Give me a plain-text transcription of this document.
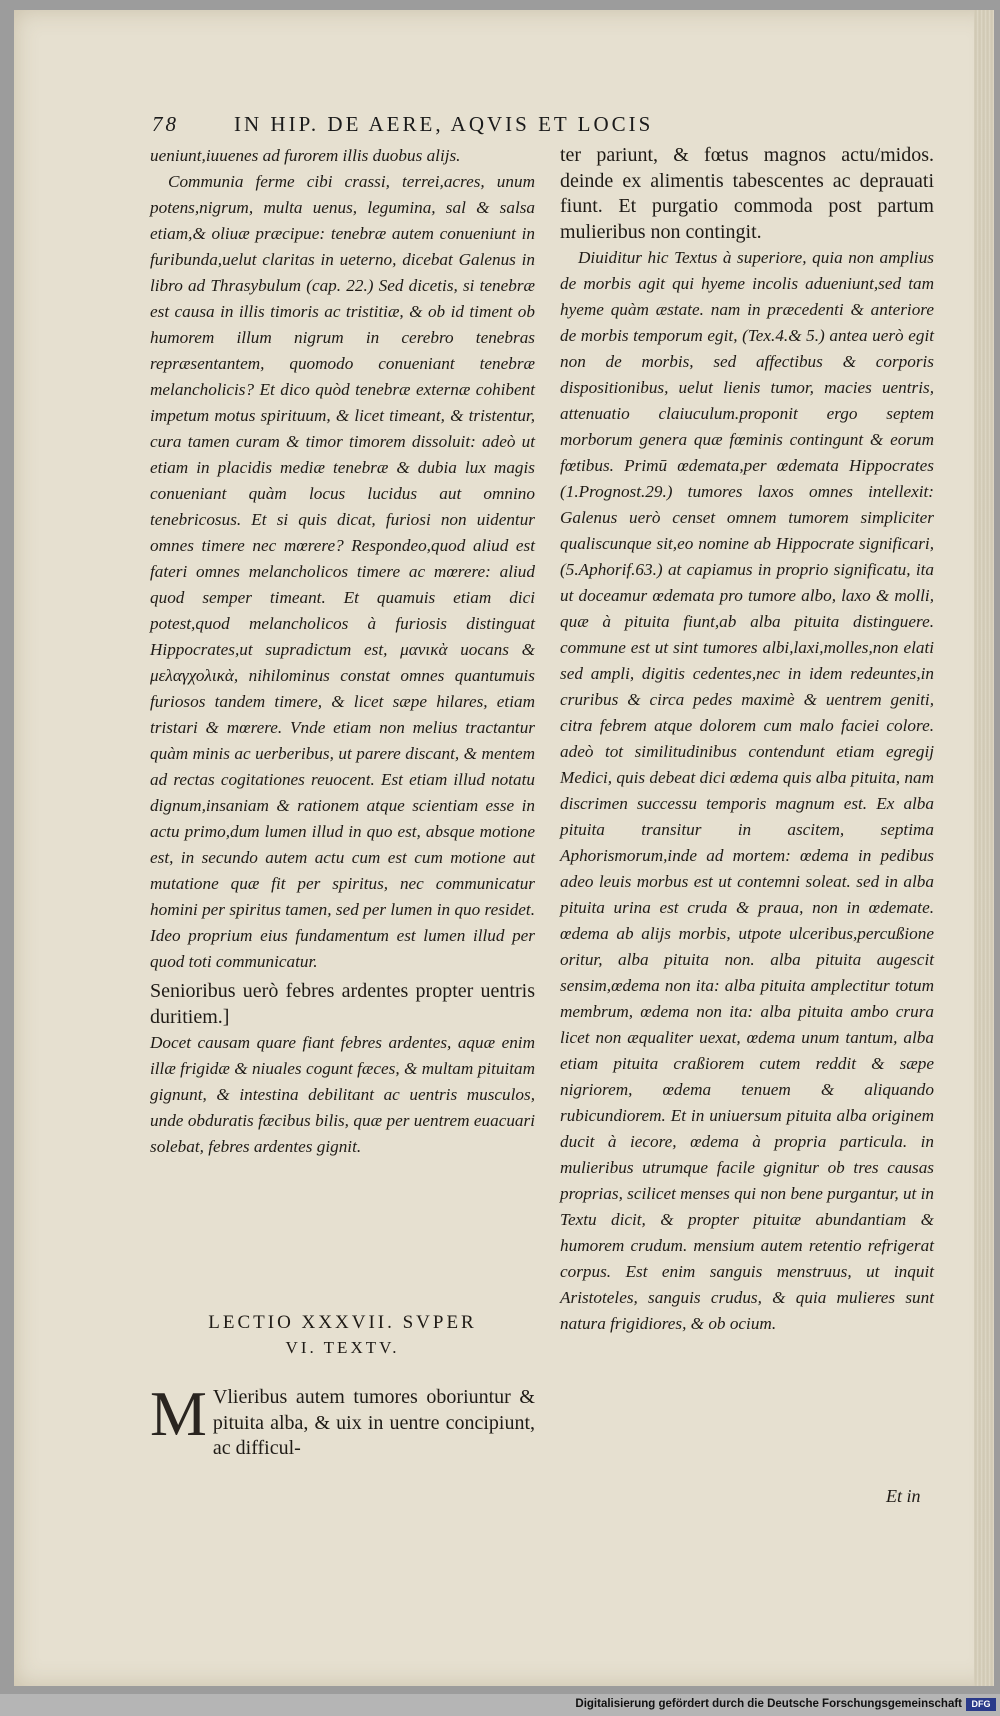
78	IN HIP. DE AERE, AQVIS ET LOCIS

ueniunt,iuuenes ad furorem illis duobus alijs.

Communia ferme cibi crassi, terrei,acres, unum potens,nigrum, multa uenus, legumina, sal & salsa etiam,& oliuæ præcipue: tenebræ autem conueniunt in furibunda,uelut claritas in ueterno, dicebat Galenus in libro ad Thrasybulum (cap. 22.) Sed dicetis, si tenebræ est causa in illis timoris ac tristitiæ, & ob id timent ob humorem illum nigrum in cerebro tenebras repræsentantem, quomodo conueniant tenebræ melancholicis? Et dico quòd tenebræ externæ cohibent impetum motus spirituum, & licet timeant, & tristentur, cura tamen curam & timor timorem dissoluit: adeò ut etiam in placidis mediæ tenebræ & dubia lux magis conueniant quàm locus lucidus aut omnino tenebricosus. Et si quis dicat, furiosi non uidentur omnes timere nec mœrere? Respondeo,quod aliud est fateri omnes melancholicos timere ac mœrere: aliud quod semper timeant. Et quamuis etiam dici potest,quod melancholicos à furiosis distinguat Hippocrates,ut supradictum est, μανικὰ uocans & μελαγχολικὰ, nihilominus constat omnes quantumuis furiosos tandem timere, & licet sæpe hilares, etiam tristari & mœrere. Vnde etiam non melius tractantur quàm minis ac uerberibus, ut parere discant, & mentem ad rectas cogitationes reuocent. Est etiam illud notatu dignum,insaniam & rationem atque scientiam esse in actu primo,dum lumen illud in quo est, absque motione est, in secundo autem actu cum est cum motione aut mutatione quæ fit per spiritus, nec communicatur homini per spiritus tamen, sed per lumen in quo residet. Ideo proprium eius fundamentum est lumen illud per quod toti communicatur.

Senioribus uerò febres ardentes propter uentris duritiem.]

Docet causam quare fiant febres ardentes, aquæ enim illæ frigidæ & niuales cogunt fæces, & multam pituitam gignunt, & intestina debilitant ac uentris musculos, unde obduratis fæcibus bilis, quæ per uentrem euacuari solebat, febres ardentes gignit.

LECTIO XXXVII. SVPER
VI. TEXTV.
M Vlieribus autem tumores oboriuntur & pituita alba, & uix in uentre concipiunt, ac difficul-

ter pariunt, & fœtus magnos actu/midos. deinde ex alimentis tabescentes ac deprauati fiunt. Et purgatio commoda post partum mulieribus non contingit.

Diuiditur hic Textus à superiore, quia non amplius de morbis agit qui hyeme incolis adueniunt,sed tam hyeme quàm æstate. nam in præcedenti & anteriore de morbis temporum egit, (Tex.4.& 5.) antea uerò egit non de morbis, sed affectibus & corporis dispositionibus, uelut lienis tumor, macies uentris, attenuatio claiuculum.proponit ergo septem morborum genera quæ fœminis contingunt & eorum fœtibus. Primū œdemata,per œdemata Hippocrates (1.Prognost.29.) tumores laxos omnes intellexit: Galenus uerò censet omnem tumorem simpliciter qualiscunque sit,eo nomine ab Hippocrate significari, (5.Aphorif.63.) at capiamus in proprio significatu, ita ut doceamur œdemata pro tumore albo, laxo & molli, quæ à pituita fiunt,ab alba pituita distinguere. commune est ut sint tumores albi,laxi,molles,non elati sed ampli, digitis cedentes,nec in idem redeuntes,in cruribus & circa pedes maximè & uentrem geniti, citra febrem atque dolorem cum malo faciei colore. adeò tot similitudinibus contendunt etiam egregij Medici, quis debeat dici œdema quis alba pituita, nam discrimen successu temporis magnum est. Ex alba pituita transitur in ascitem, septima Aphorismorum,inde ad mortem: œdema in pedibus adeo leuis morbus est ut contemni soleat. sed in alba pituita urina est cruda & praua, non in œdemate. œdema ab alijs morbis, utpote ulceribus,percußione oritur, alba pituita non. alba pituita augescit sensim,œdema non ita: alba pituita amplectitur totum membrum, œdema non ita: alba pituita ambo crura licet non æqualiter uexat, œdema unum tantum, alba etiam pituita craßiorem cutem reddit & sæpe nigriorem, œdema tenuem & aliquando rubicundiorem. Et in uniuersum pituita alba originem ducit à iecore, œdema à propria particula. in mulieribus utrumque facile gignitur ob tres causas proprias, scilicet menses qui non bene purgantur, ut in Textu dicit, & propter pituitæ abundantiam & humorem crudum. mensium autem retentio refrigerat corpus. Est enim sanguis menstruus, ut inquit Aristoteles, sanguis crudus, & quia mulieres sunt natura frigidiores, & ob ocium.

Et in
Digitalisierung gefördert durch die Deutsche Forschungsgemeinschaft	DFG
